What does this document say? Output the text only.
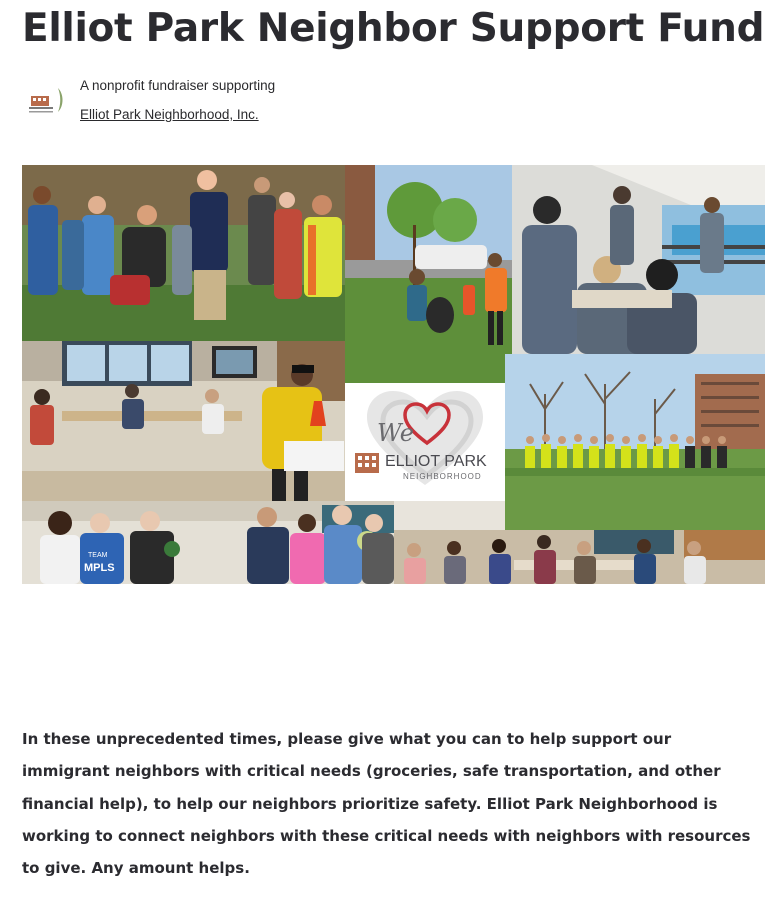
Elliot Park Neighbor Support Fund

A nonprofit fundraiser supporting

Elliot Park Neighborhood, Inc.
We
ELLIOT PARK
NEIGHBORHOOD
TEAM
MPLS

In these unprecedented times, please give what you can to help support our immigrant neighbors with critical needs (groceries, safe transportation, and other financial help), to help our neighbors prioritize safety. Elliot Park Neighborhood is working to connect neighbors with these critical needs with neighbors with resources to give. Any amount helps.
